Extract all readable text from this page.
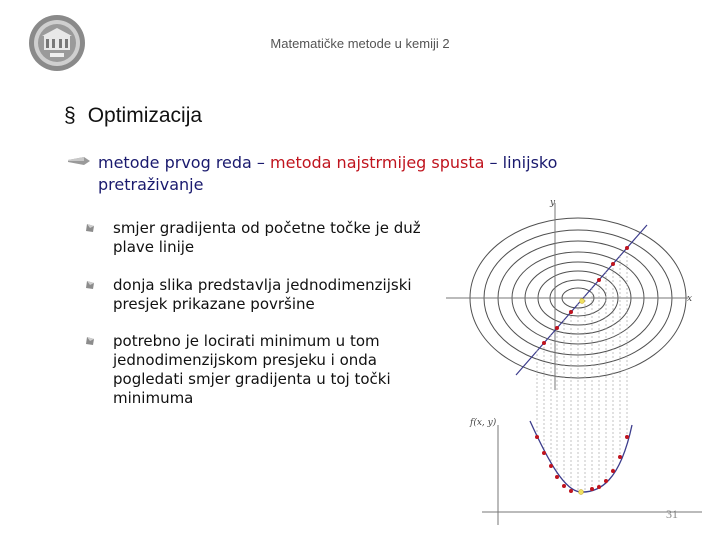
Matematičke metode u kemiji 2
§ Optimizacija
metode prvog reda – metoda najstrmijeg spusta – linijsko pretraživanje
smjer gradijenta od početne točke je duž plave linije
donja slika predstavlja jednodimenzijski presjek prikazane površine
potrebno je locirati minimum u tom jednodimenzijskom presjeku i onda pogledati smjer gradijenta u toj točki minimuma
y
x
f(x, y)
31
